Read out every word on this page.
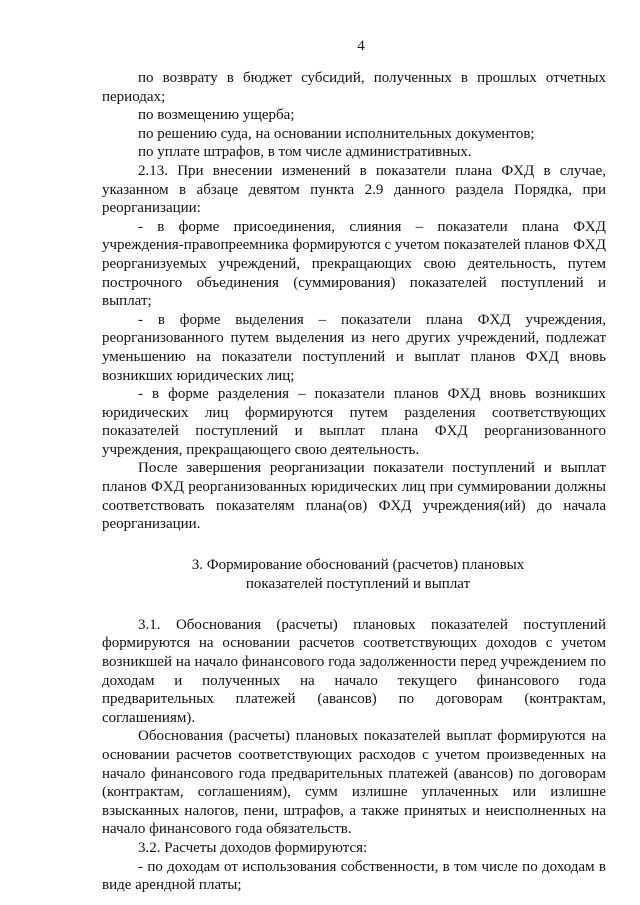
4

по возврату в бюджет субсидий, полученных в прошлых отчетных периодах;

по возмещению ущерба;

по решению суда, на основании исполнительных документов;

по уплате штрафов, в том числе административных.

2.13. При внесении изменений в показатели плана ФХД в случае, указанном в абзаце девятом пункта 2.9 данного раздела Порядка, при реорганизации:

- в форме присоединения, слияния – показатели плана ФХД учреждения-правопреемника формируются с учетом показателей планов ФХД реорганизуемых учреждений, прекращающих свою деятельность, путем построчного объединения (суммирования) показателей поступлений и выплат;

- в форме выделения – показатели плана ФХД учреждения, реорганизованного путем выделения из него других учреждений, подлежат уменьшению на показатели поступлений и выплат планов ФХД вновь возникших юридических лиц;

- в форме разделения – показатели планов ФХД вновь возникших юридических лиц формируются путем разделения соответствующих показателей поступлений и выплат плана ФХД реорганизованного учреждения, прекращающего свою деятельность.

После завершения реорганизации показатели поступлений и выплат планов ФХД реорганизованных юридических лиц при суммировании должны соответствовать показателям плана(ов) ФХД учреждения(ий) до начала реорганизации.

3. Формирование обоснований (расчетов) плановых
показателей поступлений и выплат

3.1. Обоснования (расчеты) плановых показателей поступлений формируются на основании расчетов соответствующих доходов с учетом возникшей на начало финансового года задолженности перед учреждением по доходам и полученных на начало текущего финансового года предварительных платежей (авансов) по договорам (контрактам, соглашениям).

Обоснования (расчеты) плановых показателей выплат формируются на основании расчетов соответствующих расходов с учетом произведенных на начало финансового года предварительных платежей (авансов) по договорам (контрактам, соглашениям), сумм излишне уплаченных или излишне взысканных налогов, пени, штрафов, а также принятых и неисполненных на начало финансового года обязательств.

3.2. Расчеты доходов формируются:

- по доходам от использования собственности, в том числе по доходам в виде арендной платы;
